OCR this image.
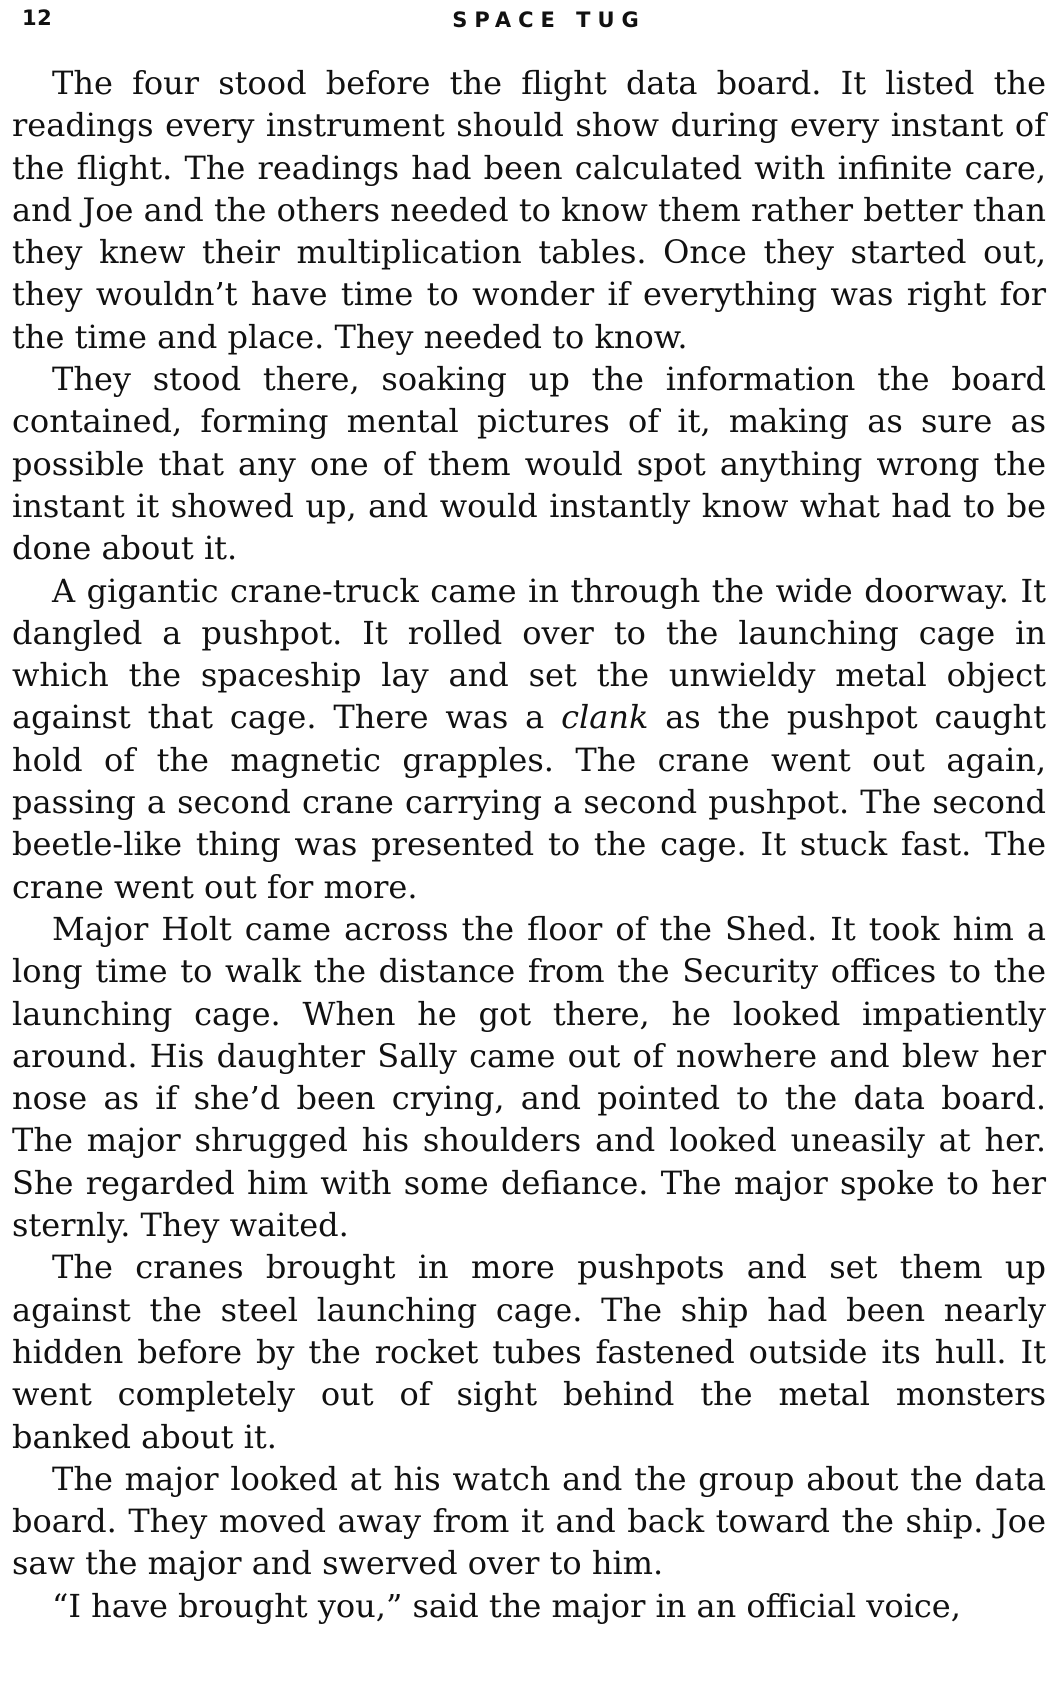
12	SPACE TUG

The four stood before the flight data board. It listed the readings every instrument should show during every instant of the flight. The readings had been calculated with infinite care, and Joe and the others needed to know them rather better than they knew their multiplication tables. Once they started out, they wouldn’t have time to wonder if everything was right for the time and place. They needed to know.

They stood there, soaking up the information the board contained, forming mental pictures of it, making as sure as possible that any one of them would spot anything wrong the instant it showed up, and would instantly know what had to be done about it.

A gigantic crane-truck came in through the wide doorway. It dangled a pushpot. It rolled over to the launching cage in which the spaceship lay and set the unwieldy metal object against that cage. There was a clank as the pushpot caught hold of the magnetic grapples. The crane went out again, passing a second crane carrying a second pushpot. The second beetle-like thing was presented to the cage. It stuck fast. The crane went out for more.

Major Holt came across the floor of the Shed. It took him a long time to walk the distance from the Security offices to the launching cage. When he got there, he looked impatiently around. His daughter Sally came out of nowhere and blew her nose as if she’d been crying, and pointed to the data board. The major shrugged his shoulders and looked uneasily at her. She regarded him with some defiance. The major spoke to her sternly. They waited.

The cranes brought in more pushpots and set them up against the steel launching cage. The ship had been nearly hidden before by the rocket tubes fastened outside its hull. It went completely out of sight behind the metal monsters banked about it.

The major looked at his watch and the group about the data board. They moved away from it and back toward the ship. Joe saw the major and swerved over to him.

“I have brought you,” said the major in an official voice,
